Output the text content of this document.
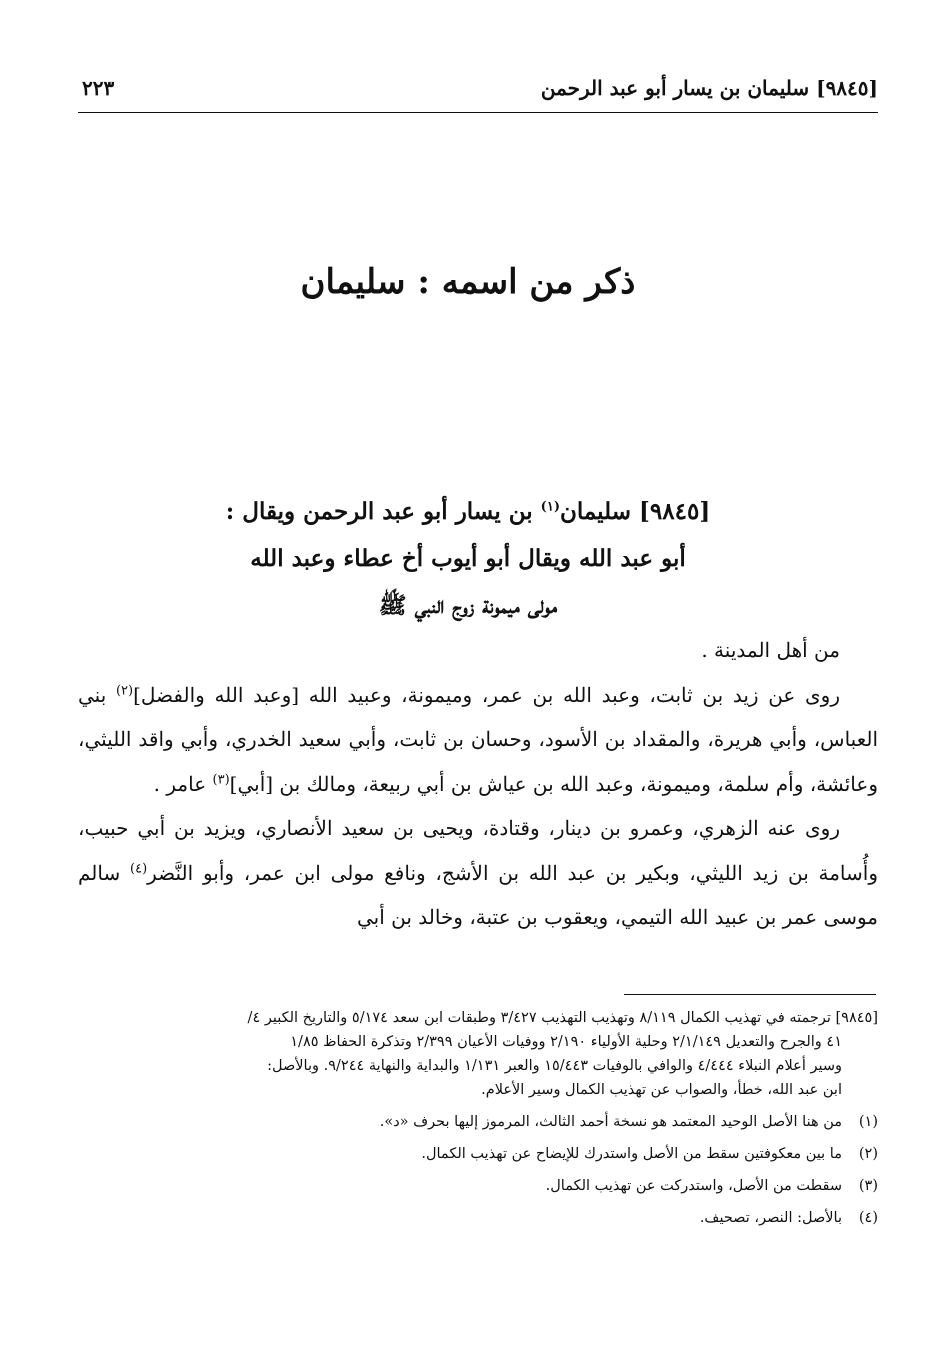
[٩٨٤٥] سليمان بن يسار أبو عبد الرحمن
٢٢٣
ذكر من اسمه : سليمان
[٩٨٤٥] سليمان$^{(١)}$ بن يسار أبو عبد الرحمن ويقال :
أبو عبد الله ويقال أبو أيوب أخ عطاء وعبد الله
مولى ميمونة زوج النبي ﷺ

من أهل المدينة .

روى عن زيد بن ثابت، وعبد الله بن عمر، وميمونة، وعبيد الله [وعبد الله والفضل]$^{(٢)}$ بني العباس، وأبي هريرة، والمقداد بن الأسود، وحسان بن ثابت، وأبي سعيد الخدري، وأبي واقد الليثي، وعائشة، وأم سلمة، وميمونة، وعبد الله بن عياش بن أبي ربيعة، ومالك بن [أبي]$^{(٣)}$ عامر .

روى عنه الزهري، وعمرو بن دينار، وقتادة، ويحيى بن سعيد الأنصاري، ويزيد بن أبي حبيب، وأُسامة بن زيد الليثي، وبكير بن عبد الله بن الأشج، ونافع مولى ابن عمر، وأبو النَّضر$^{(٤)}$ سالم موسى عمر بن عبيد الله التيمي، ويعقوب بن عتبة، وخالد بن أبي

[٩٨٤٥] ترجمته في تهذيب الكمال ٨/١١٩ وتهذيب التهذيب ٣/٤٢٧ وطبقات ابن سعد ٥/١٧٤ والتاريخ الكبير ٤/

٤١ والجرح والتعديل ٢/١/١٤٩ وحلية الأولياء ٢/١٩٠ ووفيات الأعيان ٢/٣٩٩ وتذكرة الحفاظ ١/٨٥

وسير أعلام النبلاء ٤/٤٤٤ والوافي بالوفيات ١٥/٤٤٣ والعبر ١/١٣١ والبداية والنهاية ٩/٢٤٤. وبالأصل:

ابن عبد الله، خطأ، والصواب عن تهذيب الكمال وسير الأعلام.

(١)
من هنا الأصل الوحيد المعتمد هو نسخة أحمد الثالث، المرموز إليها بحرف «د».

(٢)
ما بين معكوفتين سقط من الأصل واستدرك للإيضاح عن تهذيب الكمال.

(٣)
سقطت من الأصل، واستدركت عن تهذيب الكمال.

(٤)
بالأصل: النصر، تصحيف.
